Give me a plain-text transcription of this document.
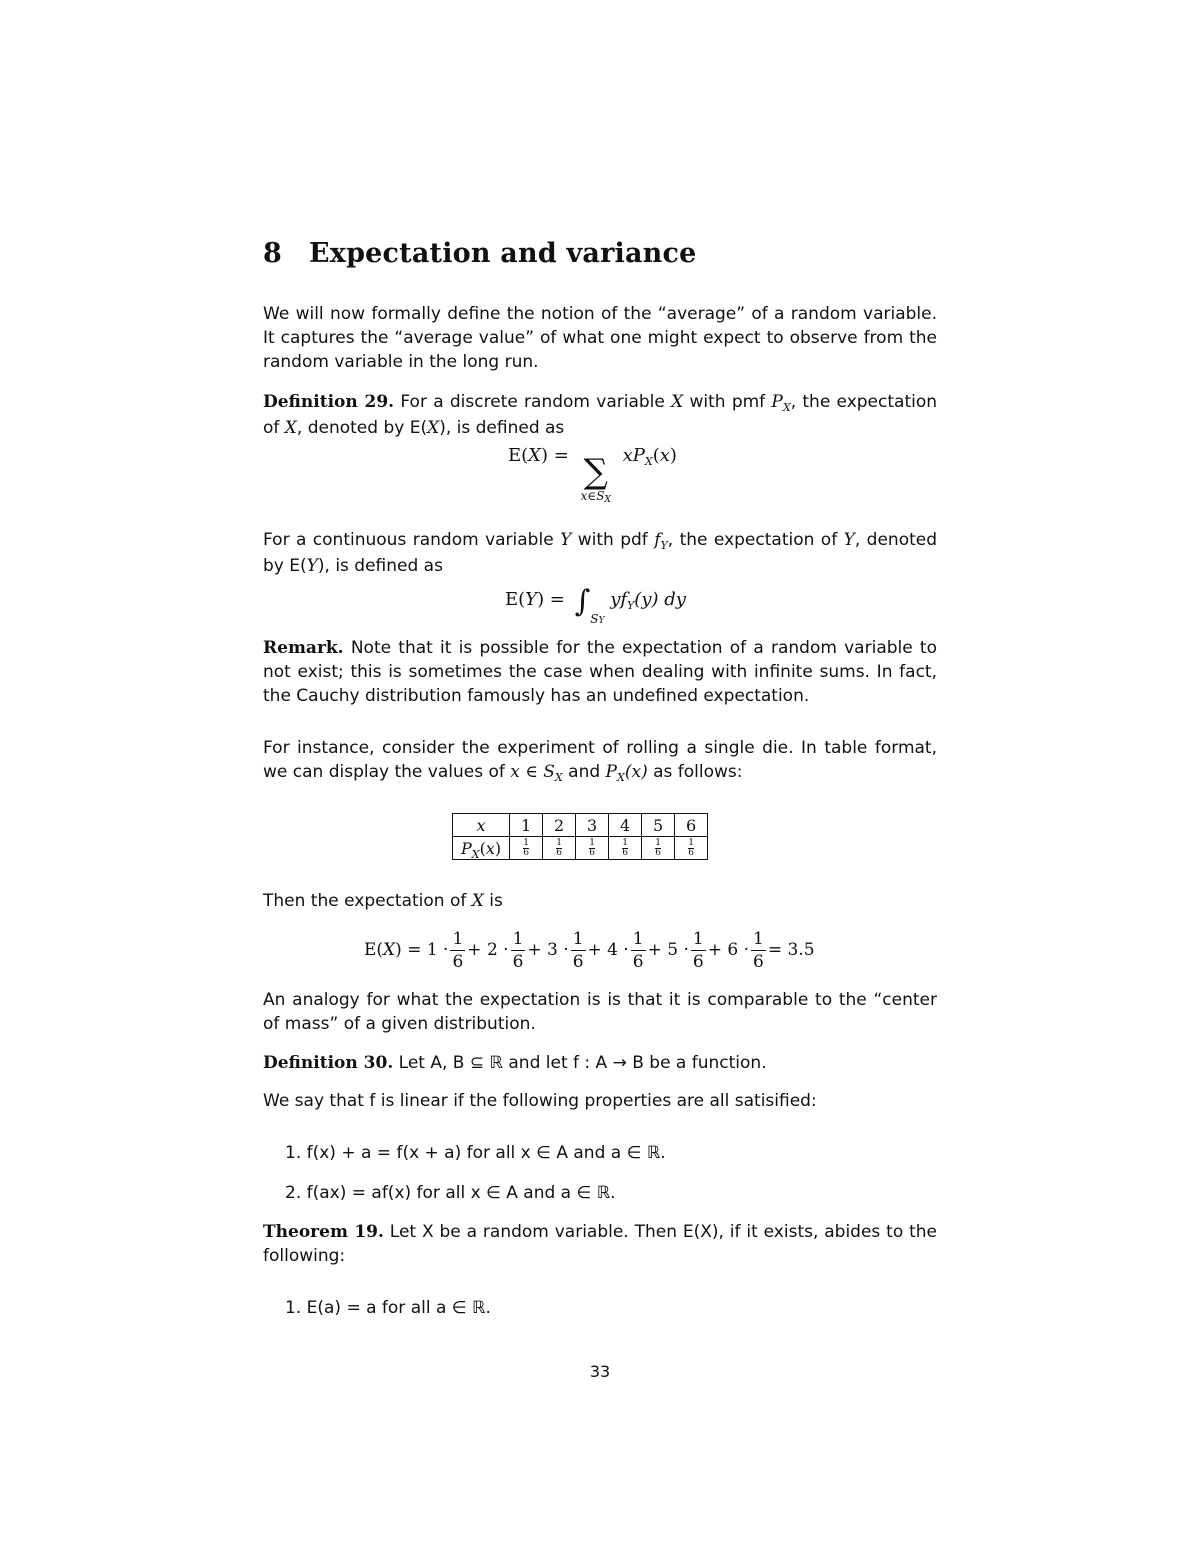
8 Expectation and variance
We will now formally define the notion of the “average” of a random variable. It captures the “average value” of what one might expect to observe from the random variable in the long run.
Definition 29. For a discrete random variable X with pmf $P_X$, the expectation of X, denoted by E(X), is defined as
E(X) = ∑
x∈SX
$xP_X(x)$
For a continuous random variable Y with pdf $f_Y$, the expectation of Y, denoted by E(Y), is defined as
$E(Y) = \int_{SY}$ $yf_Y(y)$ dy
Remark. Note that it is possible for the expectation of a random variable to not exist; this is sometimes the case when dealing with infinite sums. In fact, the Cauchy distribution famously has an undefined expectation.
For instance, consider the experiment of rolling a single die. In table format, we can display the values of x ∈ $S_X$ and $P_X(x)$ as follows:
x	1	2	3	4	5	6
$P_X(x)$	$\frac{1}{6}$	$\frac{1}{6}$	$\frac{1}{6}$	$\frac{1}{6}$	$\frac{1}{6}$	$\frac{1}{6}$
Then the expectation of X is
$E(X) = 1 \cdot \frac{1}{6} + 2 \cdot \frac{1}{6} + 3 \cdot \frac{1}{6} + 4 \cdot \frac{1}{6} + 5 \cdot \frac{1}{6} + 6 \cdot \frac{1}{6} = 3.5$
An analogy for what the expectation is is that it is comparable to the “center of mass” of a given distribution.
Definition 30. Let A, B ⊆ ℝ and let f : A → B be a function.
We say that f is linear if the following properties are all satisified:
1. f(x) + a = f(x + a) for all x ∈ A and a ∈ ℝ.
2. f(ax) = af(x) for all x ∈ A and a ∈ ℝ.
Theorem 19. Let X be a random variable. Then E(X), if it exists, abides to the following:
1. E(a) = a for all a ∈ ℝ.
33
